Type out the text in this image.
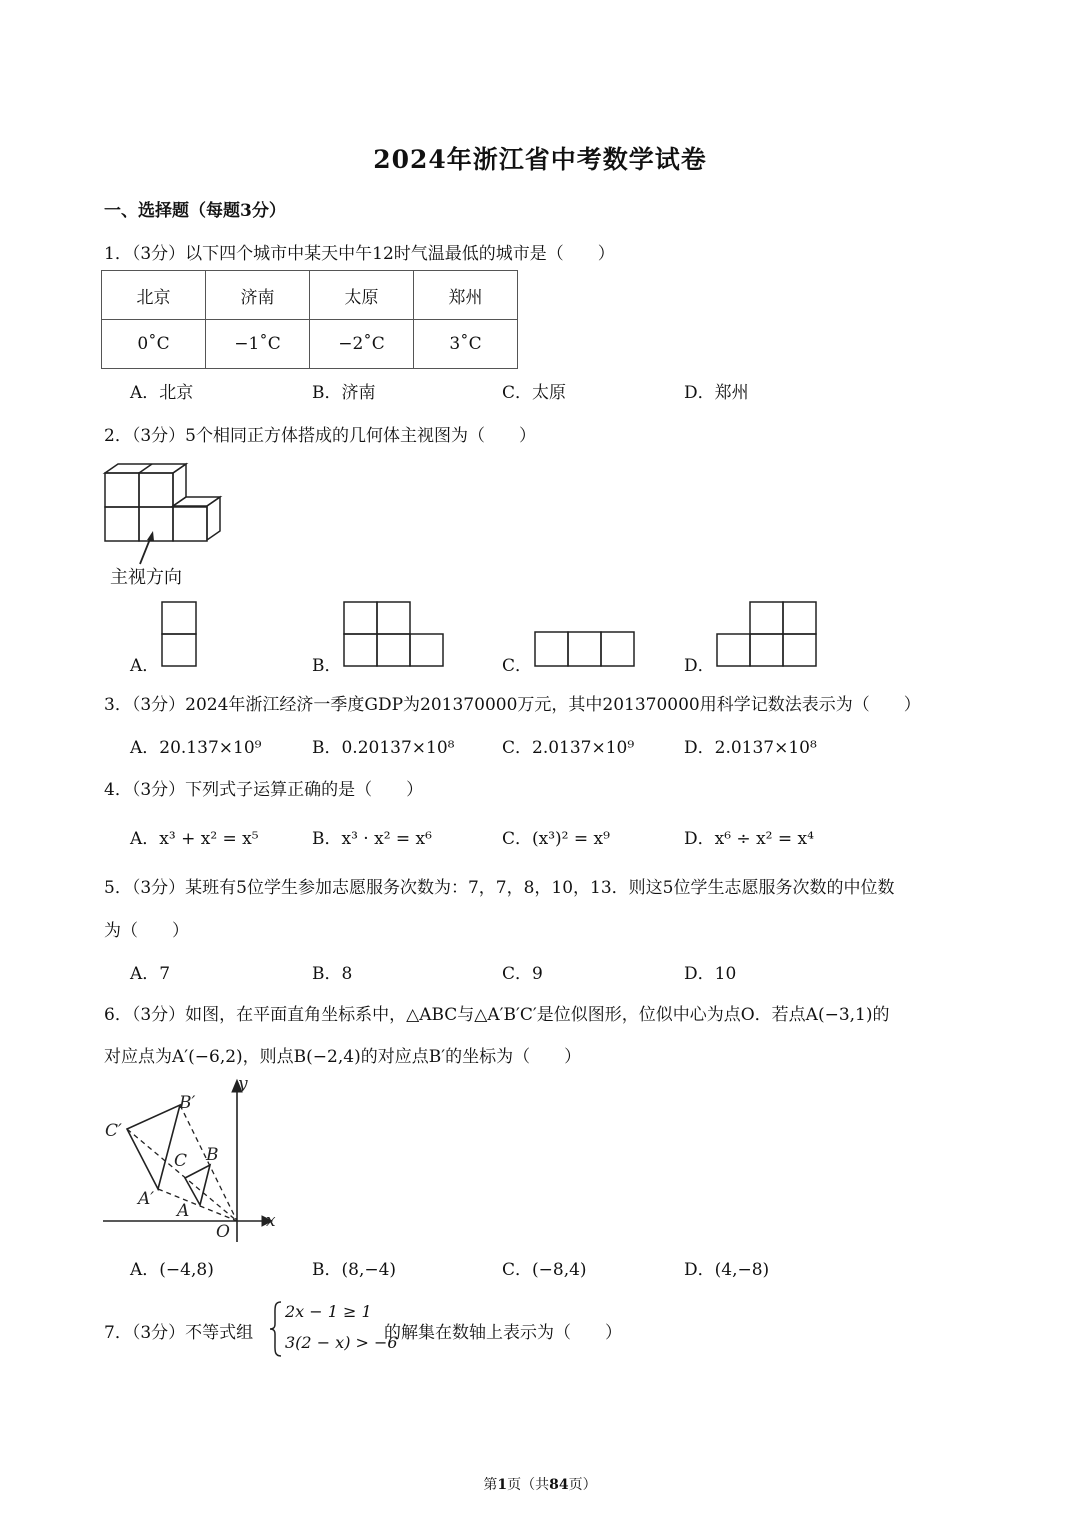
2024年浙江省中考数学试卷
一、选择题（每题3分）
1．（3分）以下四个城市中某天中午12时气温最低的城市是（　　）
北京	济南	太原	郑州
0˚C	−1˚C	−2˚C	3˚C
A．北京	B．济南	C．太原	D．郑州
2．（3分）5个相同正方体搭成的几何体主视图为（　　）
主视方向
A．	B．	C．	D．
3．（3分）2024年浙江经济一季度GDP为201370000万元，其中201370000用科学记数法表示为（　　）
A．20.137×10⁹	B．0.20137×10⁸	C．2.0137×10⁹	D．2.0137×10⁸
4．（3分）下列式子运算正确的是（　　）
A．x³ + x² = x⁵	B．x³ · x² = x⁶	C．(x³)² = x⁹	D．x⁶ ÷ x² = x⁴
5．（3分）某班有5位学生参加志愿服务次数为：7，7，8，10，13．则这5位学生志愿服务次数的中位数
为（　　）
A．7	B．8	C．9	D．10
6．（3分）如图，在平面直角坐标系中，△ABC与△A′B′C′是位似图形，位似中心为点O．若点A(−3,1)的
对应点为A′(−6,2)，则点B(−2,4)的对应点B′的坐标为（　　）
y
x
O
A
B
C
A′
B′
C′
A．(−4,8)	B．(8,−4)	C．(−8,4)	D．(4,−8)
7．（3分）不等式组
2x − 1 ≥ 1
3(2 − x) > −6
的解集在数轴上表示为（　　）
第1页（共84页）
